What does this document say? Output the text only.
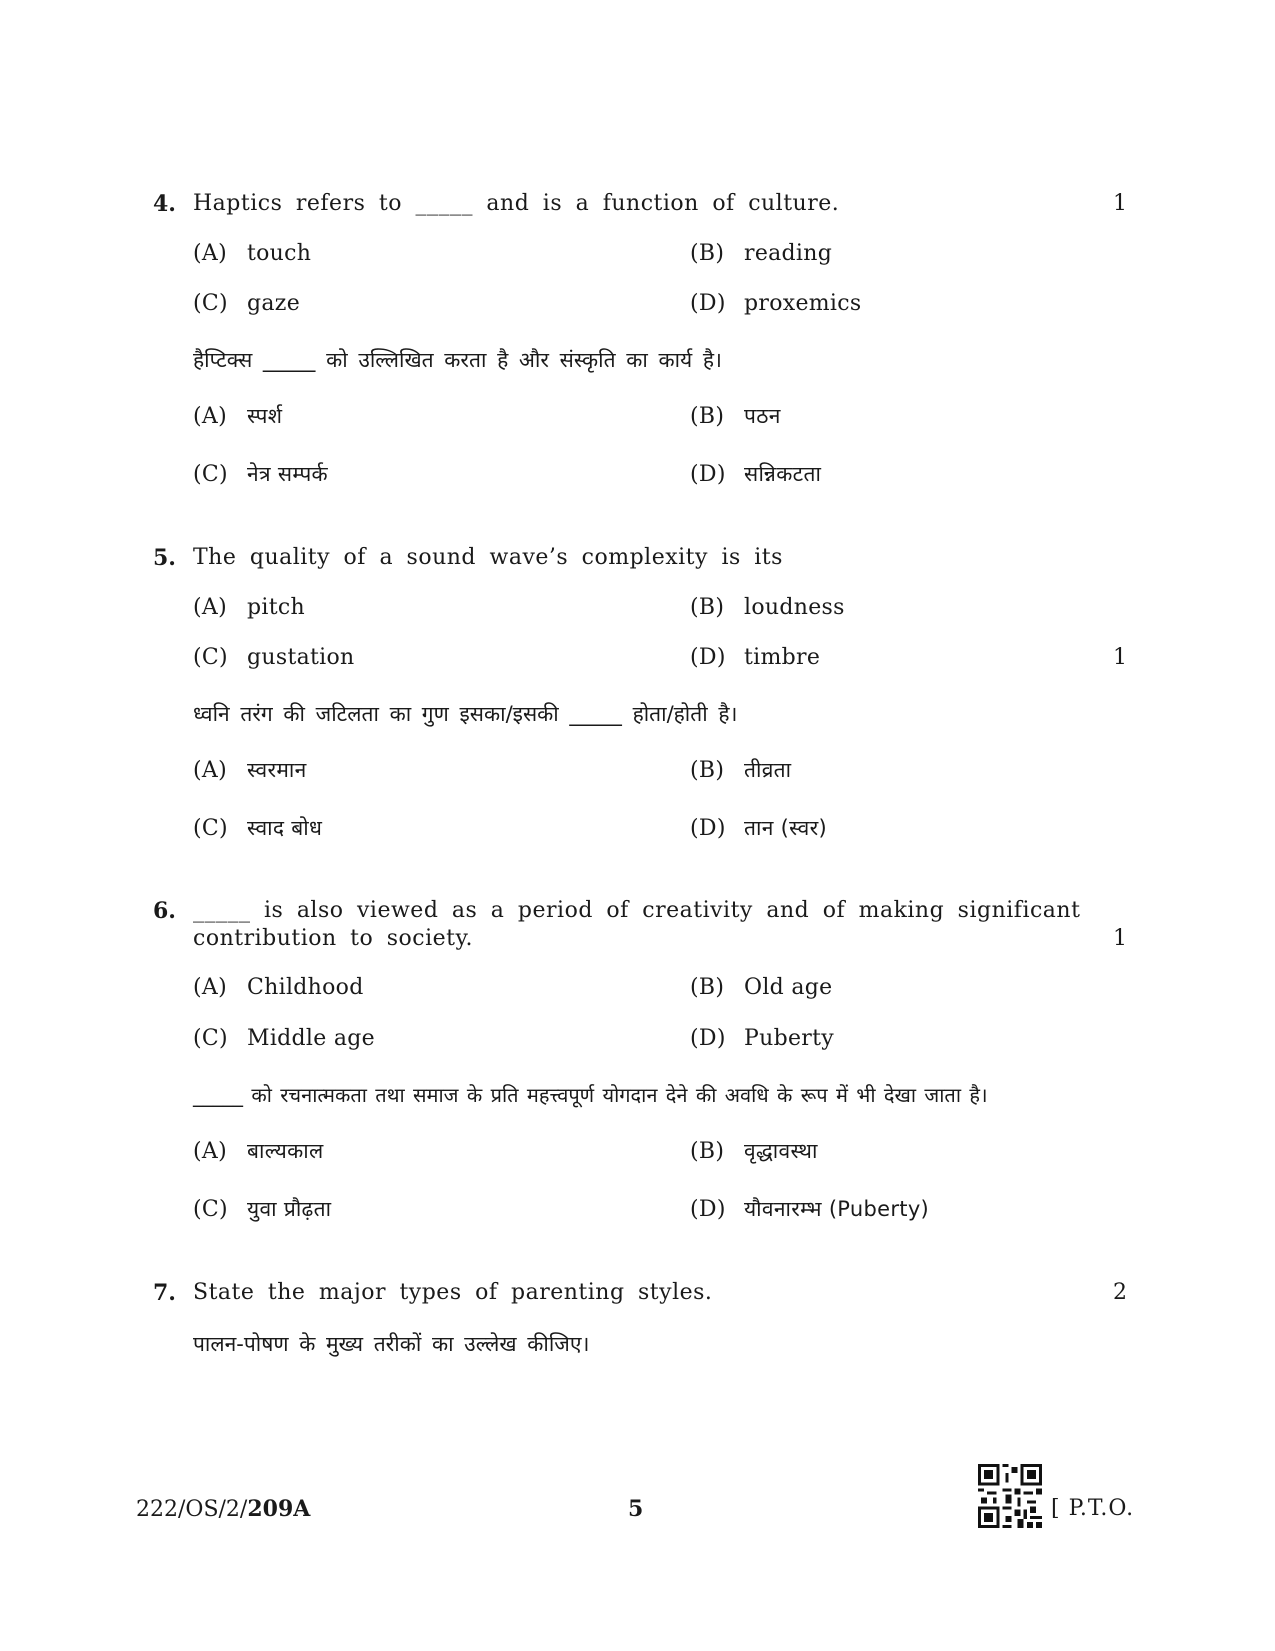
4. Haptics refers to _____ and is a function of culture.	1
(A) touch	(B) reading
(C) gaze	(D) proxemics
हैप्टिक्स _____ को उल्लिखित करता है और संस्कृति का कार्य है।
(A) स्पर्श	(B) पठन
(C) नेत्र सम्पर्क	(D) सन्निकटता
5. The quality of a sound wave’s complexity is its
(A) pitch	(B) loudness
(C) gustation	(D) timbre	1
ध्वनि तरंग की जटिलता का गुण इसका/इसकी _____ होता/होती है।
(A) स्वरमान	(B) तीव्रता
(C) स्वाद बोध	(D) तान (स्वर)
6. _____ is also viewed as a period of creativity and of making significant
contribution to society.	1
(A) Childhood	(B) Old age
(C) Middle age	(D) Puberty
_____ को रचनात्मकता तथा समाज के प्रति महत्त्वपूर्ण योगदान देने की अवधि के रूप में भी देखा जाता है।
(A) बाल्यकाल	(B) वृद्धावस्था
(C) युवा प्रौढ़ता	(D) यौवनारम्भ (Puberty)
7. State the major types of parenting styles.	2
पालन-पोषण के मुख्य तरीकों का उल्लेख कीजिए।
222/OS/2/209A	5	[ P.T.O.
